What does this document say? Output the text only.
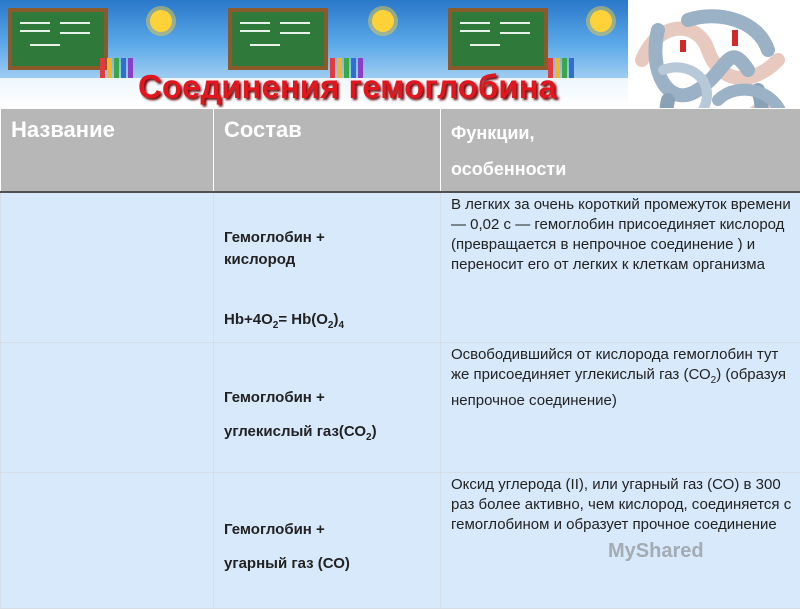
Соединения гемоглобина
Название	Состав	Функции,
особенности

	Гемоглобин +
кислород
$Hb+4O_2= Hb(O_2)_4$	В легких за очень короткий промежуток времени — 0,02 с — гемоглобин присоединяет кислород (превращается в непрочное соединение ) и переносит его от легких к клеткам организма

	Гемоглобин +
углекислый $газ(СО_2)$	Освободившийся от кислорода гемоглобин тут же присоединяет углекислый газ $(СО_2)$ (образуя непрочное соединение)

	Гемоглобин +
угарный газ (СО)	Оксид углерода (II), или угарный газ (СО) в 300 раз более активно, чем кислород, соединяется с гемоглобином и образует прочное соединение
MyShared
